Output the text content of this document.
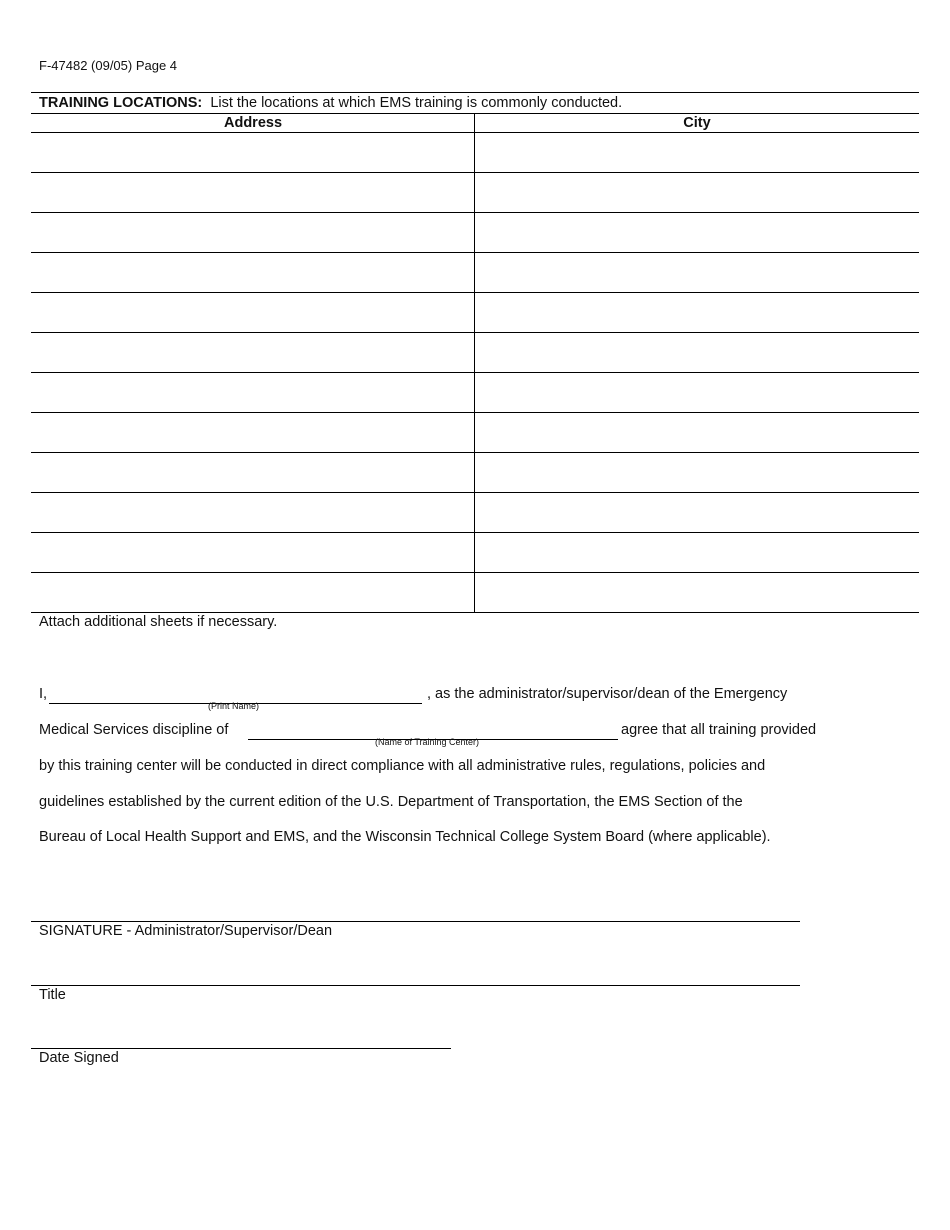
F-47482 (09/05) Page 4
TRAINING LOCATIONS: List the locations at which EMS training is commonly conducted.
Address	City
Attach additional sheets if necessary.
I,
(Print Name)
, as the administrator/supervisor/dean of the Emergency
Medical Services discipline of
(Name of Training Center)
agree that all training provided
by this training center will be conducted in direct compliance with all administrative rules, regulations, policies and
guidelines established by the current edition of the U.S. Department of Transportation, the EMS Section of the
Bureau of Local Health Support and EMS, and the Wisconsin Technical College System Board (where applicable).
SIGNATURE - Administrator/Supervisor/Dean
Title
Date Signed
